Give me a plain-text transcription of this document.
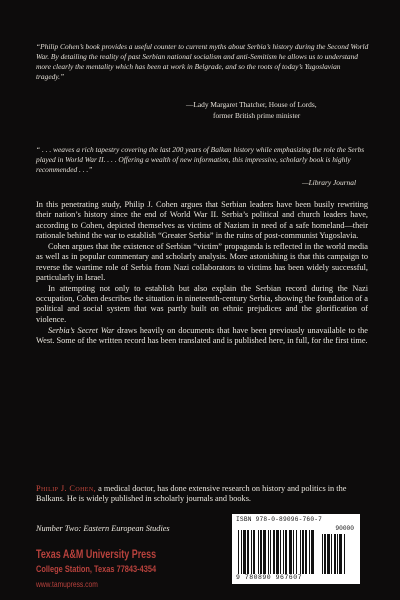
“Philip Cohen’s book provides a useful counter to current myths about Serbia’s history during the Second World War. By detailing the reality of past Serbian national socialism and anti-Semitism he allows us to understand more clearly the mentality which has been at work in Belgrade, and so the roots of today’s Yugoslavian tragedy.”
—Lady Margaret Thatcher, House of Lords,
former British prime minister
“ . . . weaves a rich tapestry covering the last 200 years of Balkan history while emphasizing the role the Serbs played in World War II. . . . Offering a wealth of new information, this impressive, scholarly book is highly recommended . . .”
—Library Journal

In this penetrating study, Philip J. Cohen argues that Serbian leaders have been busily rewriting their nation’s history since the end of World War II. Serbia’s political and church leaders have, according to Cohen, depicted themselves as victims of Nazism in need of a safe homeland—their rationale behind the war to establish “Greater Serbia” in the ruins of post-communist Yugoslavia.

Cohen argues that the existence of Serbian “victim” propaganda is reflected in the world media as well as in popular commentary and scholarly analysis. More astonishing is that this campaign to reverse the wartime role of Serbia from Nazi collaborators to victims has been widely successful, particularly in Israel.

In attempting not only to establish but also explain the Serbian record during the Nazi occupation, Cohen describes the situation in nineteenth-century Serbia, showing the foundation of a political and social system that was partly built on ethnic prejudices and the glorification of violence.

Serbia’s Secret War draws heavily on documents that have been previously unavailable to the West. Some of the written record has been translated and is published here, in full, for the first time.

Philip J. Cohen, a medical doctor, has done extensive research on history and politics in the Balkans. He is widely published in scholarly journals and books.
Number Two: Eastern European Studies
Texas A&M University Press
College Station, Texas 77843-4354
www.tamupress.com
ISBN 978-0-89096-760-7
90000
9 780890 967607
